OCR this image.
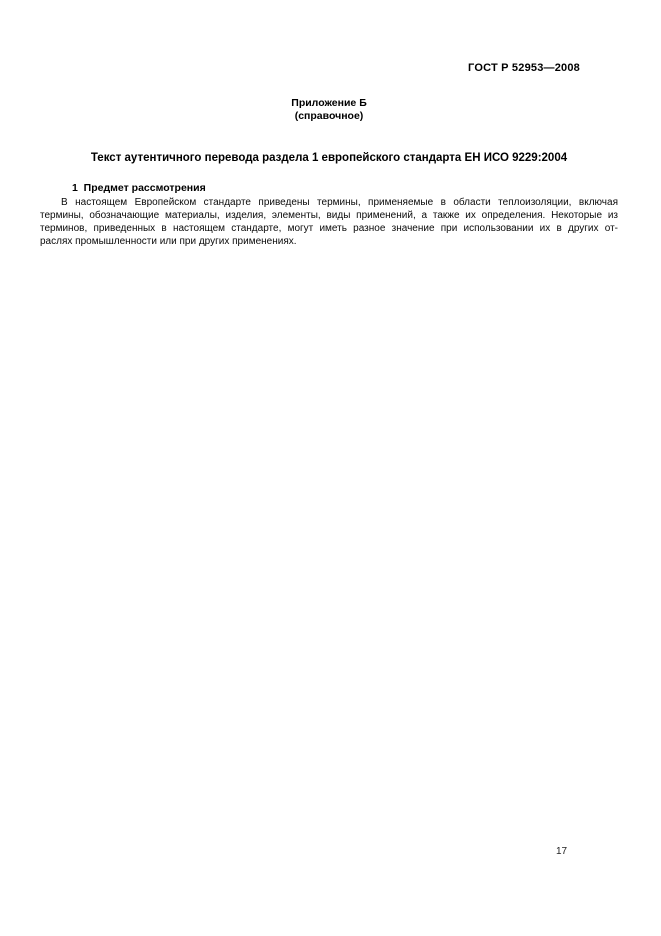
ГОСТ Р 52953—2008
Приложение Б
(справочное)
Текст аутентичного перевода раздела 1 европейского стандарта ЕН ИСО 9229:2004
1  Предмет рассмотрения
В настоящем Европейском стандарте приведены термины, применяемые в области теплоизоляции, включая
термины, обозначающие материалы, изделия, элементы, виды применений, а также их определения. Некоторые из
терминов, приведенных в настоящем стандарте, могут иметь разное значение при использовании их в других от-
раслях промышленности или при других применениях.
17
